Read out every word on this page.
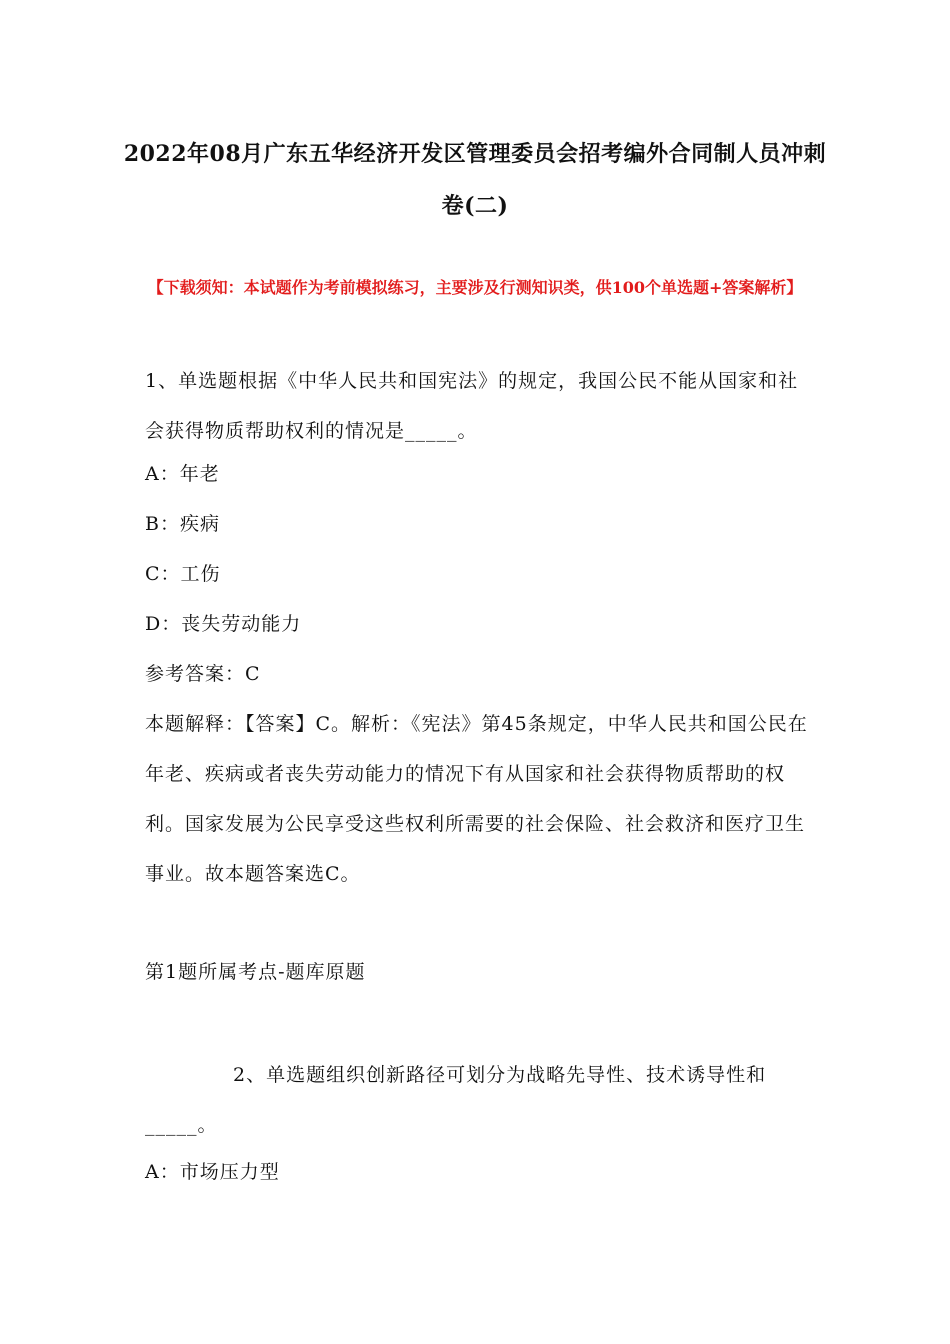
2022年08月广东五华经济开发区管理委员会招考编外合同制人员冲刺卷(二)
【下载须知：本试题作为考前模拟练习，主要涉及行测知识类，供100个单选题+答案解析】
1、单选题根据《中华人民共和国宪法》的规定，我国公民不能从国家和社会获得物质帮助权利的情况是_____。
A：年老
B：疾病
C：工伤
D：丧失劳动能力
参考答案：C
本题解释：【答案】C。解析：《宪法》第45条规定，中华人民共和国公民在年老、疾病或者丧失劳动能力的情况下有从国家和社会获得物质帮助的权利。国家发展为公民享受这些权利所需要的社会保险、社会救济和医疗卫生事业。故本题答案选C。
第1题所属考点-题库原题
2、单选题组织创新路径可划分为战略先导性、技术诱导性和_____。
A：市场压力型
